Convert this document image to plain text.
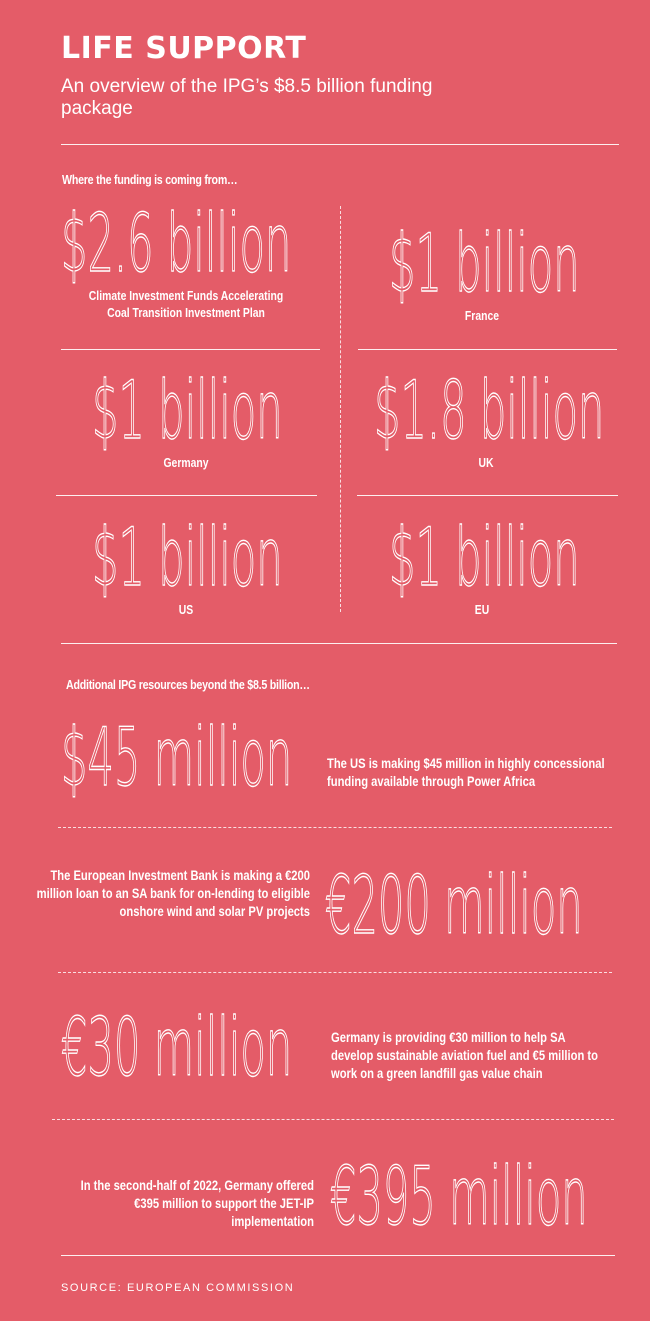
LIFE SUPPORT
An overview of the IPG’s $8.5 billion funding package
Where the funding is coming from…
$2.6 billion
Climate Investment Funds Accelerating Coal Transition Investment Plan
$1 billion
France
$1 billion
Germany
$1.8 billion
UK
$1 billion
US
$1 billion
EU
Additional IPG resources beyond the $8.5 billion…
$45 million The US is making $45 million in highly concessional funding available through Power Africa
The European Investment Bank is making a €200 million loan to an SA bank for on-lending to eligible onshore wind and solar PV projects €200 million
€30 million	Germany is providing €30 million to help SA develop sustainable aviation fuel and €5 million to work on a green landfill gas value chain
In the second-half of 2022, Germany offered €395 million to support the JET-IP implementation €395 million
SOURCE: EUROPEAN COMMISSION
